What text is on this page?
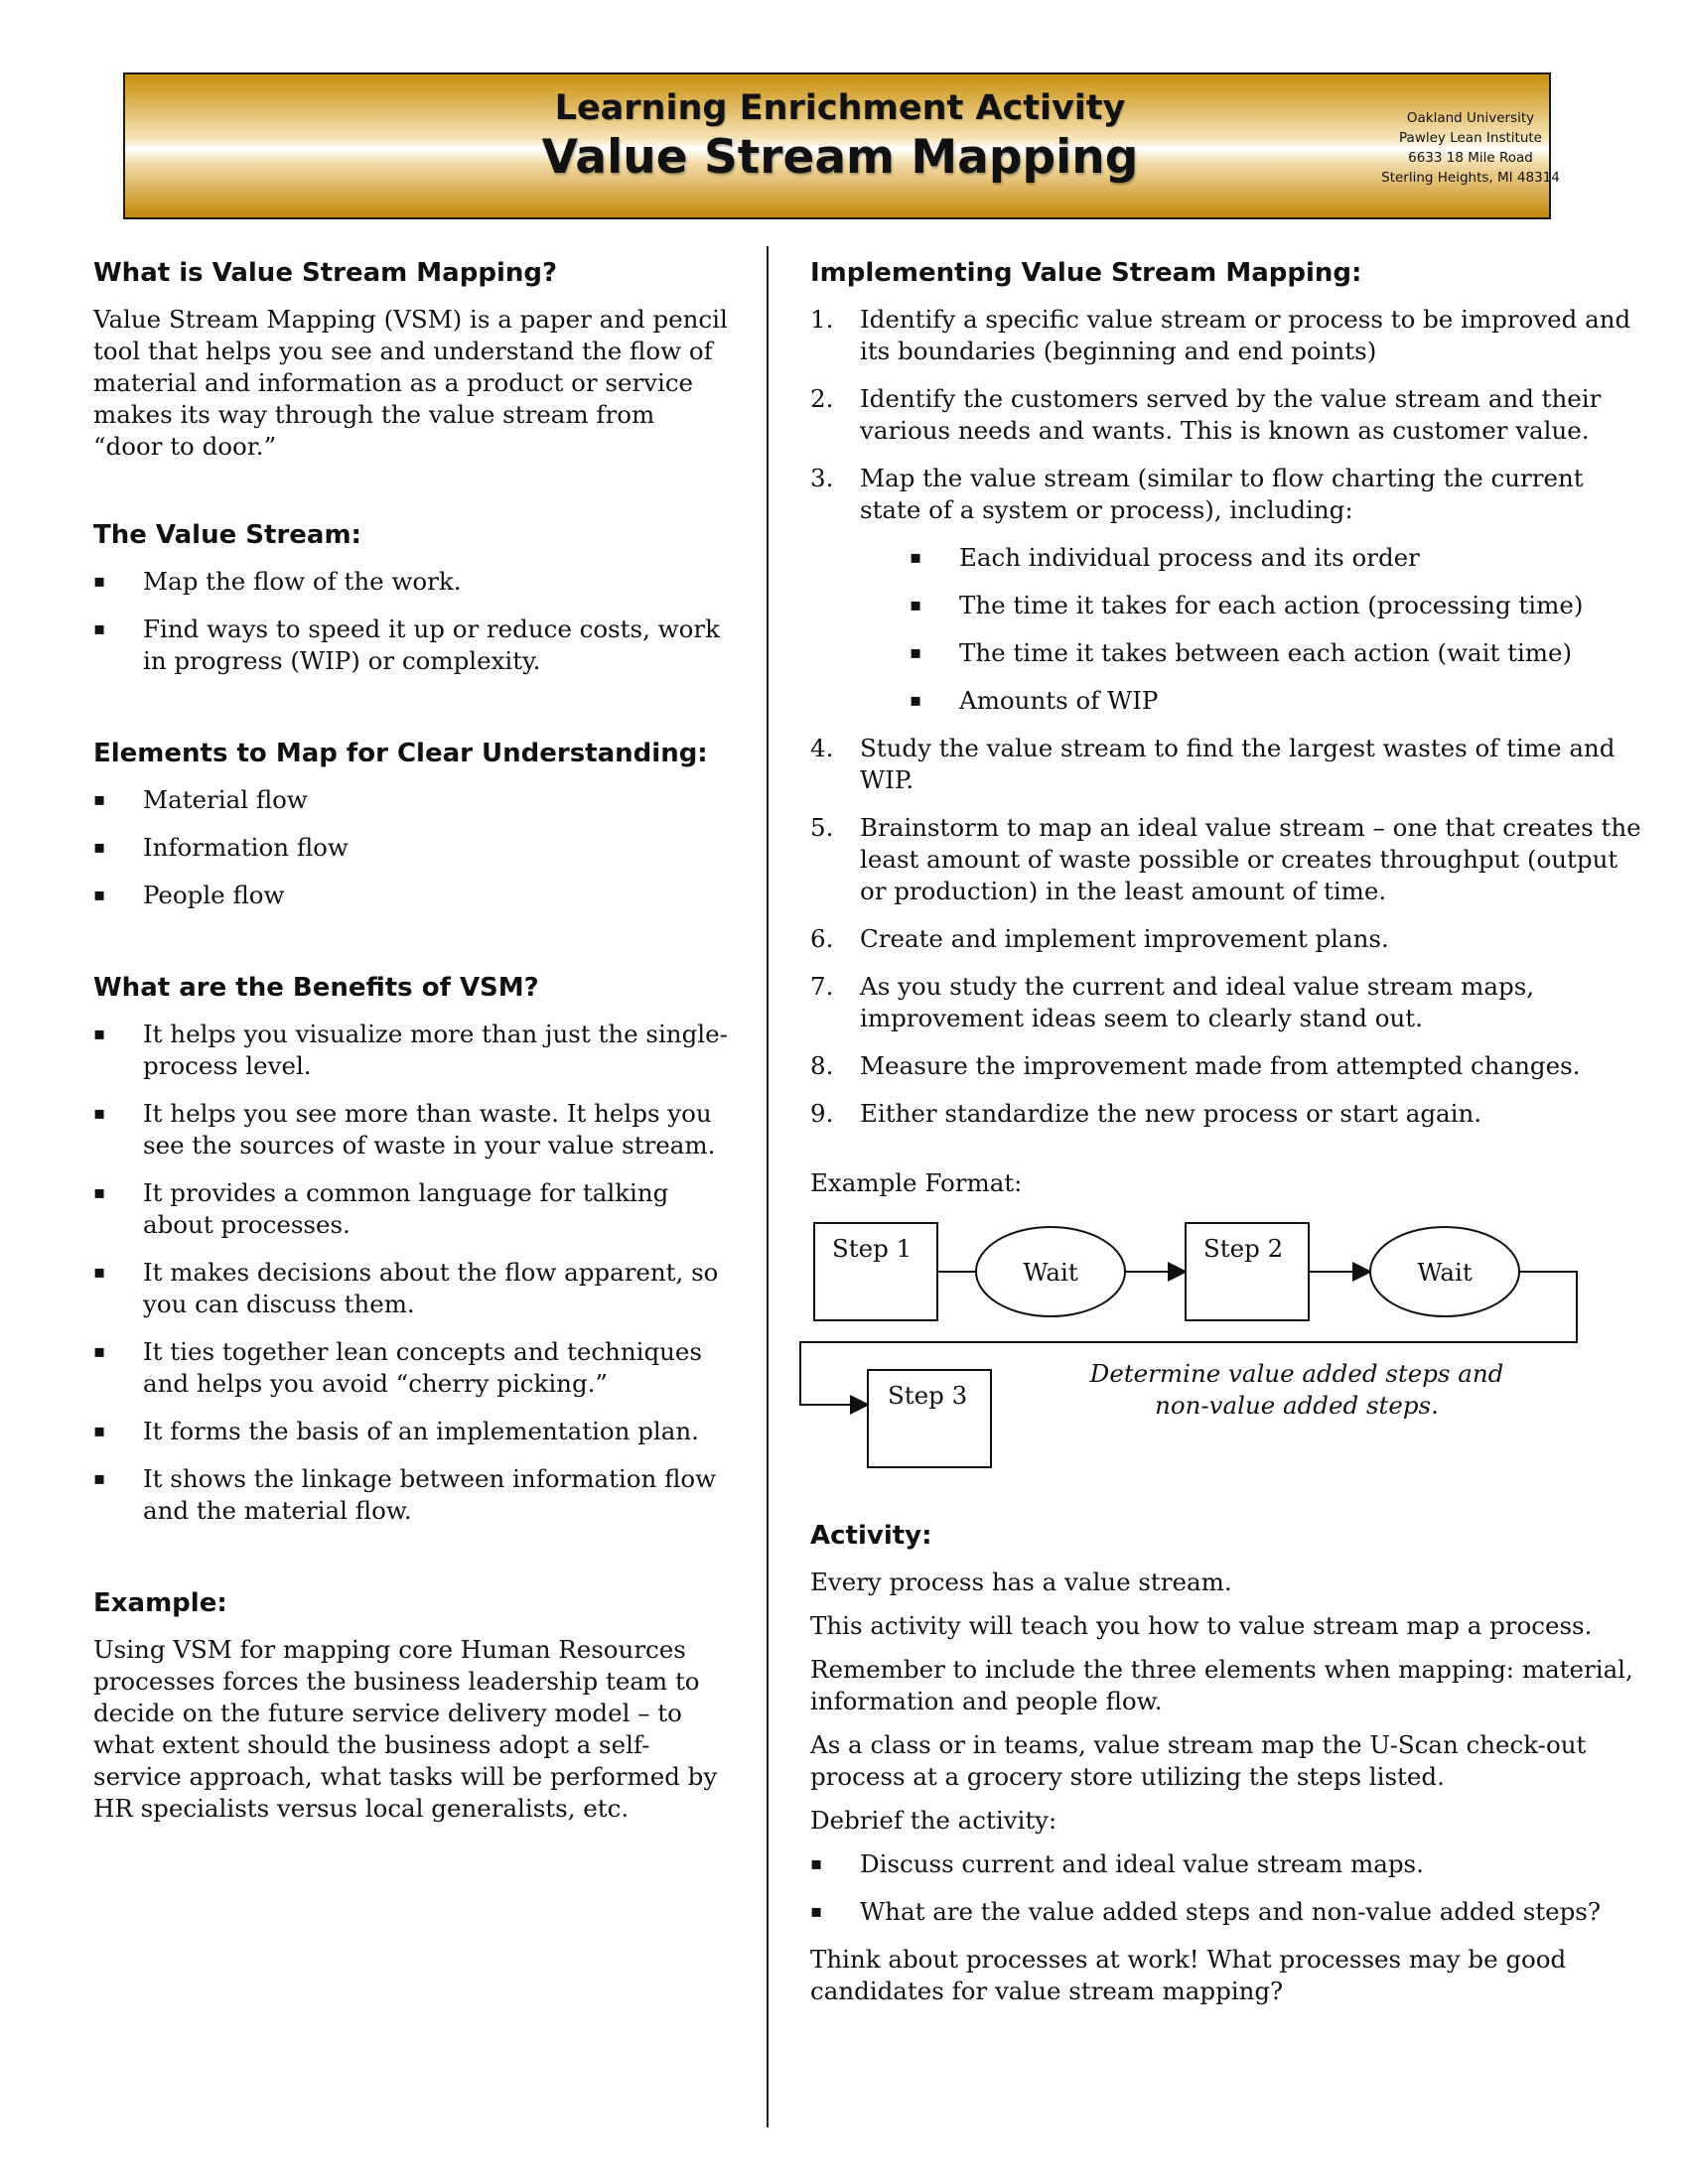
Learning Enrichment Activity
Value Stream Mapping
Oakland University
Pawley Lean Institute
6633 18 Mile Road
Sterling Heights, MI 48314
What is Value Stream Mapping?

Value Stream Mapping (VSM) is a paper and pencil tool that helps you see and understand the flow of material and information as a product or service makes its way through the value stream from “door to door.”

The Value Stream:
▪ Map the flow of the work.
▪ Find ways to speed it up or reduce costs, work in progress (WIP) or complexity.
Elements to Map for Clear Understanding:
▪ Material flow
▪ Information flow
▪ People flow
What are the Benefits of VSM?
▪ It helps you visualize more than just the single-process level.
▪ It helps you see more than waste. It helps you see the sources of waste in your value stream.
▪ It provides a common language for talking about processes.
▪ It makes decisions about the flow apparent, so you can discuss them.
▪ It ties together lean concepts and techniques and helps you avoid “cherry picking.”
▪ It forms the basis of an implementation plan.
▪ It shows the linkage between information flow and the material flow.
Example:

Using VSM for mapping core Human Resources processes forces the business leadership team to decide on the future service delivery model – to what extent should the business adopt a self-service approach, what tasks will be performed by HR specialists versus local generalists, etc.

Implementing Value Stream Mapping:
1. Identify a specific value stream or process to be improved and its boundaries (beginning and end points)
2. Identify the customers served by the value stream and their various needs and wants. This is known as customer value.
3. Map the value stream (similar to flow charting the current state of a system or process), including:
▪ Each individual process and its order
▪ The time it takes for each action (processing time)
▪ The time it takes between each action (wait time)
▪ Amounts of WIP
4. Study the value stream to find the largest wastes of time and WIP.
5. Brainstorm to map an ideal value stream – one that creates the least amount of waste possible or creates throughput (output or production) in the least amount of time.
6. Create and implement improvement plans.
7. As you study the current and ideal value stream maps, improvement ideas seem to clearly stand out.
8. Measure the improvement made from attempted changes.
9. Either standardize the new process or start again.

Example Format:

Step 1
Wait
Step 2
Wait
Step 3
Determine value added steps and non-value added steps.
Activity:

Every process has a value stream.

This activity will teach you how to value stream map a process.

Remember to include the three elements when mapping: material, information and people flow.

As a class or in teams, value stream map the U-Scan check-out process at a grocery store utilizing the steps listed.

Debrief the activity:

▪ Discuss current and ideal value stream maps.
▪ What are the value added steps and non-value added steps?

Think about processes at work! What processes may be good candidates for value stream mapping?
